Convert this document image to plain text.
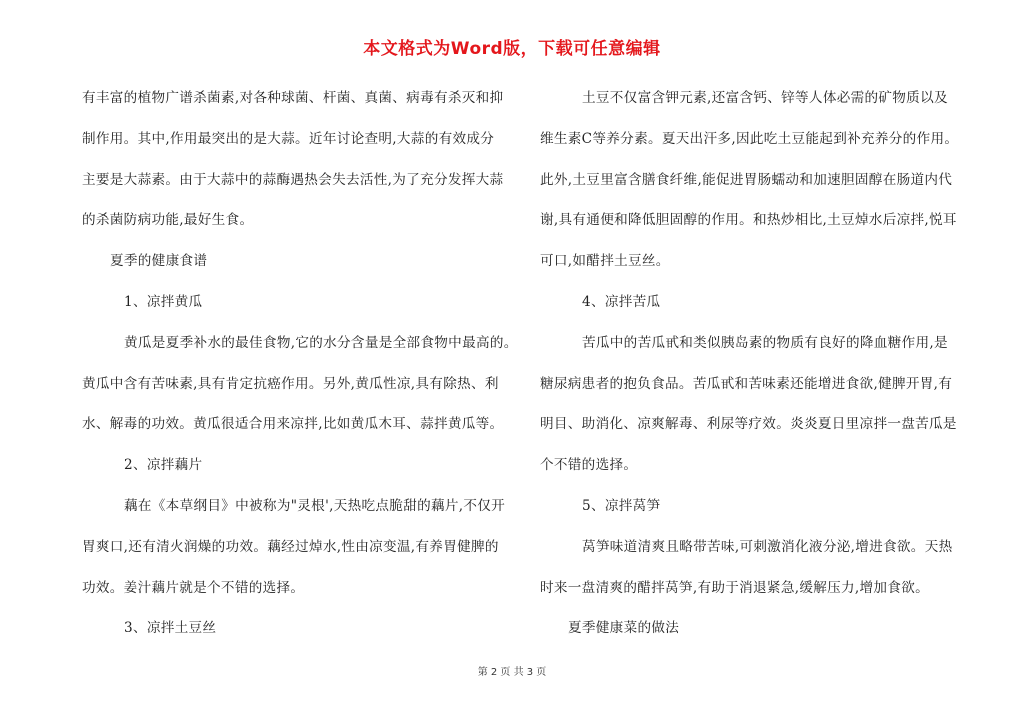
本文格式为Word版，下载可任意编辑

有丰富的植物广谱杀菌素,对各种球菌、杆菌、真菌、病毒有杀灭和抑

制作用。其中,作用最突出的是大蒜。近年讨论查明,大蒜的有效成分

主要是大蒜素。由于大蒜中的蒜酶遇热会失去活性,为了充分发挥大蒜

的杀菌防病功能,最好生食。

夏季的健康食谱

1、凉拌黄瓜

黄瓜是夏季补水的最佳食物,它的水分含量是全部食物中最高的。

黄瓜中含有苦味素,具有肯定抗癌作用。另外,黄瓜性凉,具有除热、利

水、解毒的功效。黄瓜很适合用来凉拌,比如黄瓜木耳、蒜拌黄瓜等。

2、凉拌藕片

藕在《本草纲目》中被称为"灵根',天热吃点脆甜的藕片,不仅开

胃爽口,还有清火润燥的功效。藕经过焯水,性由凉变温,有养胃健脾的

功效。姜汁藕片就是个不错的选择。

3、凉拌土豆丝

土豆不仅富含钾元素,还富含钙、锌等人体必需的矿物质以及

维生素C等养分素。夏天出汗多,因此吃土豆能起到补充养分的作用。

此外,土豆里富含膳食纤维,能促进胃肠蠕动和加速胆固醇在肠道内代

谢,具有通便和降低胆固醇的作用。和热炒相比,土豆焯水后凉拌,悦耳

可口,如醋拌土豆丝。

4、凉拌苦瓜

苦瓜中的苦瓜甙和类似胰岛素的物质有良好的降血糖作用,是

糖尿病患者的抱负食品。苦瓜甙和苦味素还能增进食欲,健脾开胃,有

明目、助消化、凉爽解毒、利尿等疗效。炎炎夏日里凉拌一盘苦瓜是

个不错的选择。

5、凉拌莴笋

莴笋味道清爽且略带苦味,可刺激消化液分泌,增进食欲。天热

时来一盘清爽的醋拌莴笋,有助于消退紧急,缓解压力,增加食欲。

夏季健康菜的做法

第 2 页 共 3 页
